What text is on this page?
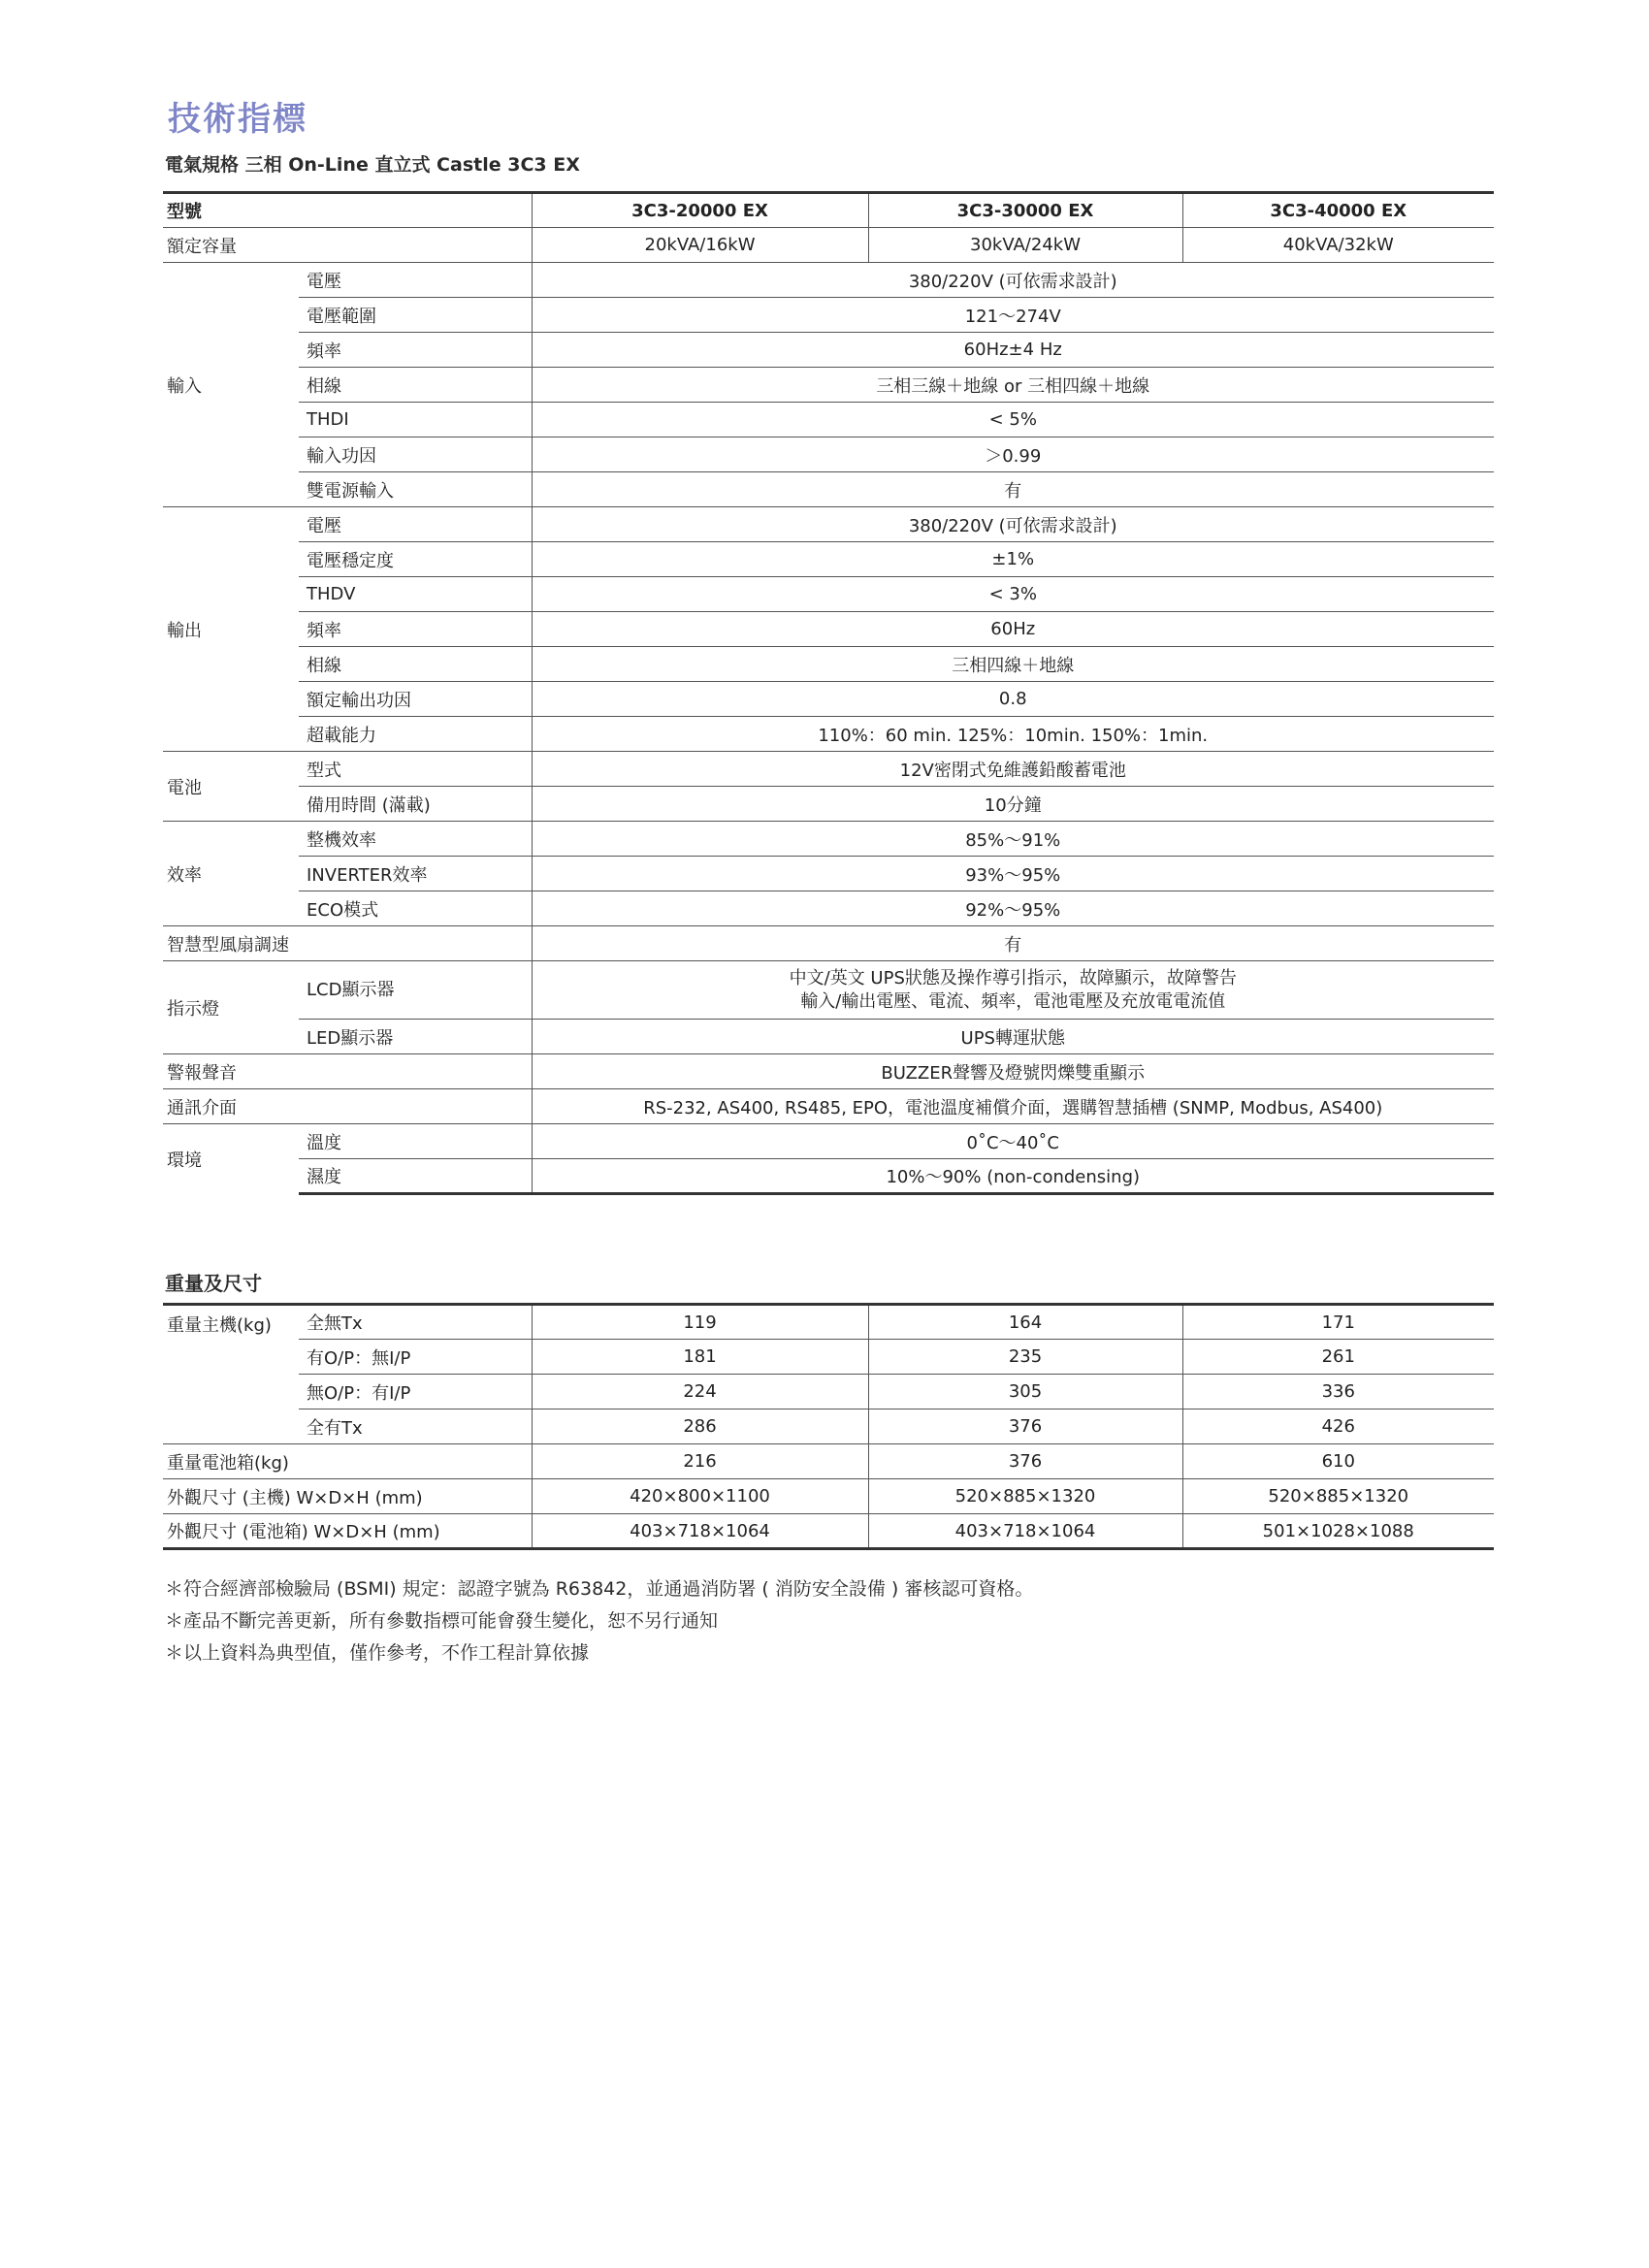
技術指標
電氣規格 三相 On-Line 直立式 Castle 3C3 EX
型號		3C3-20000 EX	3C3-30000 EX	3C3-40000 EX
額定容量		20kVA/16kW	30kVA/24kW	40kVA/32kW
輸入	電壓	380/220V (可依需求設計)		
	電壓範圍	121～274V		
	頻率	60Hz±4 Hz		
	相線	三相三線＋地線 or 三相四線＋地線		
	THDI	< 5%		
	輸入功因	＞0.99		
	雙電源輸入	有		
輸出	電壓	380/220V (可依需求設計)		
	電壓穩定度	±1%		
	THDV	< 3%		
	頻率	60Hz		
	相線	三相四線＋地線		
	額定輸出功因	0.8		
	超載能力	110%：60 min. 125%：10min. 150%：1min.		
電池	型式	12V密閉式免維護鉛酸蓄電池		
	備用時間 (滿載)	10分鐘		
效率	整機效率	85%～91%		
	INVERTER效率	93%～95%		
	ECO模式	92%～95%		
智慧型風扇調速		有		
指示燈	LCD顯示器	中文/英文 UPS狀態及操作導引指示，故障顯示，故障警告
輸入/輸出電壓、電流、頻率，電池電壓及充放電電流值		

	LED顯示器	UPS轉運狀態		
警報聲音		BUZZER聲響及燈號閃爍雙重顯示		
通訊介面		RS-232, AS400, RS485, EPO，電池溫度補償介面，選購智慧插槽 (SNMP, Modbus, AS400)		
環境	溫度	0˚C～40˚C		
	濕度	10%～90% (non-condensing)		
重量及尺寸
重量主機(kg)	全無Tx	119	164	171
	有O/P：無I/P	181	235	261
	無O/P：有I/P	224	305	336
	全有Tx	286	376	426
重量電池箱(kg)		216	376	610
外觀尺寸 (主機) W×D×H (mm)		420×800×1100	520×885×1320	520×885×1320
外觀尺寸 (電池箱) W×D×H (mm)		403×718×1064	403×718×1064	501×1028×1088
＊符合經濟部檢驗局 (BSMI) 規定：認證字號為 R63842，並通過消防署 ( 消防安全設備 ) 審核認可資格。
＊產品不斷完善更新，所有參數指標可能會發生變化，恕不另行通知
＊以上資料為典型值，僅作參考，不作工程計算依據
